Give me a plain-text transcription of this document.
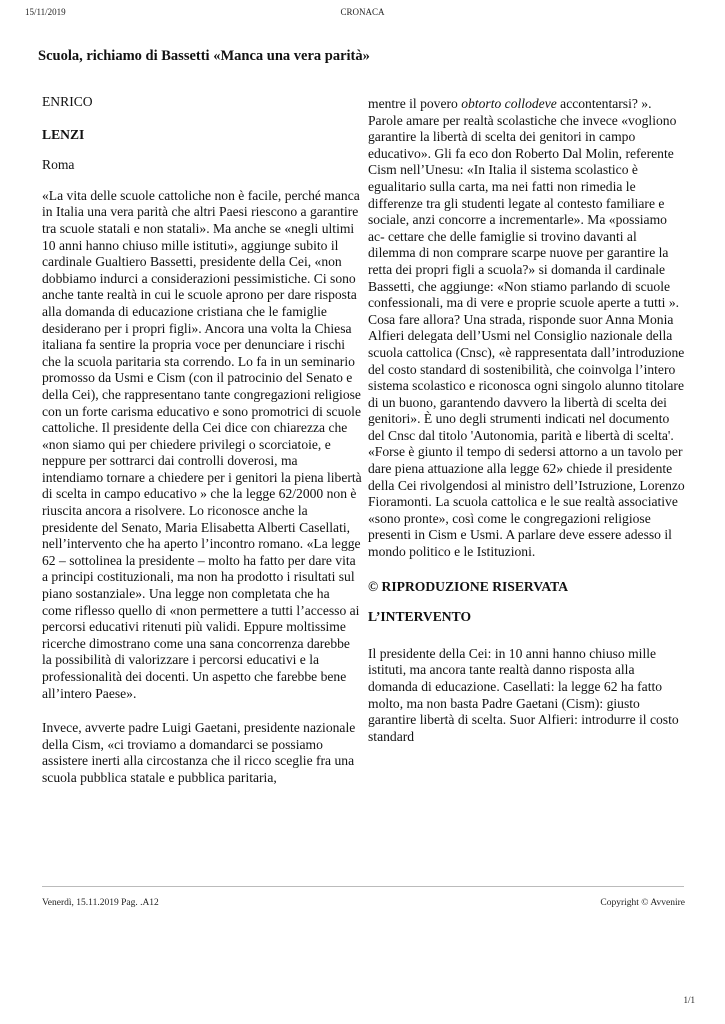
15/11/2019	CRONACA
Scuola, richiamo di Bassetti «Manca una vera parità»

ENRICO

LENZI

Roma

«La vita delle scuole cattoliche non è facile, perché manca in Italia una vera parità che altri Paesi riescono a garantire tra scuole statali e non statali». Ma anche se «negli ultimi 10 anni hanno chiuso mille istituti», aggiunge subito il cardinale Gualtiero Bassetti, presidente della Cei, «non dobbiamo indurci a considerazioni pessimistiche. Ci sono anche tante realtà in cui le scuole aprono per dare risposta alla domanda di educazione cristiana che le famiglie desiderano per i propri figli». Ancora una volta la Chiesa italiana fa sentire la propria voce per denunciare i rischi che la scuola paritaria sta correndo. Lo fa in un seminario promosso da Usmi e Cism (con il patrocinio del Senato e della Cei), che rappresentano tante congregazioni religiose con un forte carisma educativo e sono promotrici di scuole cattoliche. Il presidente della Cei dice con chiarezza che «non siamo qui per chiedere privilegi o scorciatoie, e neppure per sottrarci dai controlli doverosi, ma intendiamo tornare a chiedere per i genitori la piena libertà di scelta in campo educativo » che la legge 62/2000 non è riuscita ancora a risolvere. Lo riconosce anche la presidente del Senato, Maria Elisabetta Alberti Casellati, nell’intervento che ha aperto l’incontro romano. «La legge 62 – sottolinea la presidente – molto ha fatto per dare vita a principi costituzionali, ma non ha prodotto i risultati sul piano sostanziale». Una legge non completata che ha come riflesso quello di «non permettere a tutti l’accesso ai percorsi educativi ritenuti più validi. Eppure moltissime ricerche dimostrano come una sana concorrenza darebbe la possibilità di valorizzare i percorsi educativi e la professionalità dei docenti. Un aspetto che farebbe bene all’intero Paese».

Invece, avverte padre Luigi Gaetani, presidente nazionale della Cism, «ci troviamo a domandarci se possiamo assistere inerti alla circostanza che il ricco sceglie fra una scuola pubblica statale e pubblica paritaria,

mentre il povero obtorto collodeve accontentarsi? ». Parole amare per realtà scolastiche che invece «vogliono garantire la libertà di scelta dei genitori in campo educativo». Gli fa eco don Roberto Dal Molin, referente Cism nell’Unesu: «In Italia il sistema scolastico è egualitario sulla carta, ma nei fatti non rimedia le differenze tra gli studenti legate al contesto familiare e sociale, anzi concorre a incrementarle». Ma «possiamo ac- cettare che delle famiglie si trovino davanti al dilemma di non comprare scarpe nuove per garantire la retta dei propri figli a scuola?» si domanda il cardinale Bassetti, che aggiunge: «Non stiamo parlando di scuole confessionali, ma di vere e proprie scuole aperte a tutti ». Cosa fare allora? Una strada, risponde suor Anna Monia Alfieri delegata dell’Usmi nel Consiglio nazionale della scuola cattolica (Cnsc), «è rappresentata dall’introduzione del costo standard di sostenibilità, che coinvolga l’intero sistema scolastico e riconosca ogni singolo alunno titolare di un buono, garantendo davvero la libertà di scelta dei genitori». È uno degli strumenti indicati nel documento del Cnsc dal titolo 'Autonomia, parità e libertà di scelta'. «Forse è giunto il tempo di sedersi attorno a un tavolo per dare piena attuazione alla legge 62» chiede il presidente della Cei rivolgendosi al ministro dell’Istruzione, Lorenzo Fioramonti. La scuola cattolica e le sue realtà associative «sono pronte», così come le congregazioni religiose presenti in Cism e Usmi. A parlare deve essere adesso il mondo politico e le Istituzioni.

© RIPRODUZIONE RISERVATA

L’INTERVENTO

Il presidente della Cei: in 10 anni hanno chiuso mille istituti, ma ancora tante realtà danno risposta alla domanda di educazione. Casellati: la legge 62 ha fatto molto, ma non basta Padre Gaetani (Cism): giusto garantire libertà di scelta. Suor Alfieri: introdurre il costo standard

Venerdì, 15.11.2019 Pag. .A12	Copyright © Avvenire
1/1
